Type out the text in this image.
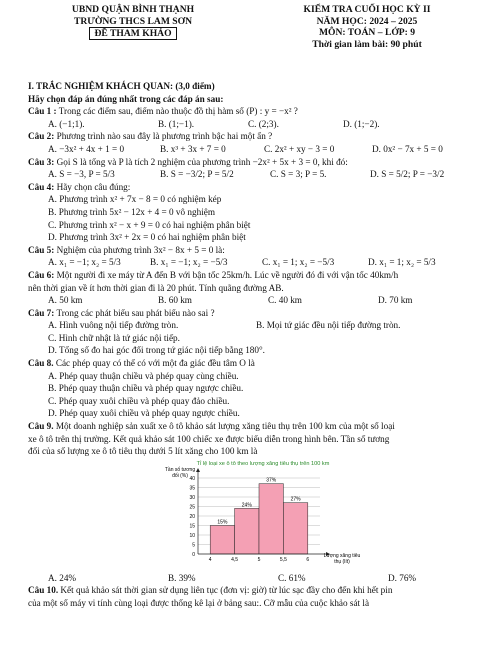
UBND QUẬN BÌNH THẠNH
TRƯỜNG THCS LAM SƠN
ĐỀ THAM KHẢO
KIỂM TRA CUỐI HỌC KỲ II
NĂM HỌC: 2024 – 2025
MÔN: TOÁN – LỚP: 9
Thời gian làm bài: 90 phút
I. TRẮC NGHIỆM KHÁCH QUAN: (3,0 điểm)
Hãy chọn đáp án đúng nhất trong các đáp án sau:
Câu 1 : Trong các điểm sau, điểm nào thuộc đồ thị hàm số (P) : y = −x² ?
A. (−1;1).	B. (1;−1).	C. (2;3).	D. (1;−2).
Câu 2: Phương trình nào sau đây là phương trình bậc hai một ẩn ?
A. −3x² + 4x + 1 = 0	B. x³ + 3x + 7 = 0	C. 2x² + xy − 3 = 0	D. 0x² − 7x + 5 = 0
Câu 3: Gọi S là tổng và P là tích 2 nghiệm của phương trình −2x² + 5x + 3 = 0, khi đó:
A. S = −3, P = 5/3	B. S = −3/2; P = 5/2	C. S = 3; P = 5.	D. S = 5/2; P = −3/2
Câu 4: Hãy chọn câu đúng:
A. Phương trình x² + 7x − 8 = 0 có nghiệm kép
B. Phương trình 5x² − 12x + 4 = 0 vô nghiệm
C. Phương trình x² − x + 9 = 0 có hai nghiệm phân biệt
D. Phương trình 3x² + 2x = 0 có hai nghiệm phân biệt
Câu 5: Nghiệm của phương trình 3x² − 8x + 5 = 0 là:
A. x₁ = −1; x₂ = 5/3	B. x₁ = −1; x₂ = −5/3	C. x₁ = 1; x₂ = −5/3	D. x₁ = 1; x₂ = 5/3
Câu 6: Một người đi xe máy từ A đến B với bận tốc 25km/h. Lúc về người đó đi với vận tốc 40km/h
nên thời gian về ít hơn thời gian đi là 20 phút. Tính quãng đường AB.
A. 50 km	B. 60 km	C. 40 km	D. 70 km
Câu 7: Trong các phát biểu sau phát biểu nào sai ?
A. Hình vuông nội tiếp đường tròn.	B. Mọi tứ giác đều nội tiếp đường tròn.
C. Hình chữ nhật là tứ giác nội tiếp.
D. Tổng số đo hai góc đối trong tứ giác nội tiếp bằng 180°.
Câu 8. Các phép quay có thể có với một đa giác đều tâm O là
A. Phép quay thuận chiều và phép quay cùng chiều.
B. Phép quay thuận chiều và phép quay ngược chiều.
C. Phép quay xuôi chiều và phép quay đảo chiều.
D. Phép quay xuôi chiều và phép quay ngược chiều.
Câu 9. Một doanh nghiệp sản xuất xe ô tô khảo sát lượng xăng tiêu thụ trên 100 km của một số loại
xe ô tô trên thị trường. Kết quả khảo sát 100 chiếc xe được biểu diễn trong hình bên. Tần số tương
đối của số lượng xe ô tô tiêu thụ dưới 5 lít xăng cho 100 km là
Tỉ lệ loại xe ô tô theo lượng xăng tiêu thụ trên 100 km
Tần số tương
đối (%)
0
5
10
15
20
25
30
35
40
15%
24%
37%
27%
4	4,5	5	5,5	6
Lượng xăng tiêu
thụ (lít)
A. 24%	B. 39%	C. 61%	D. 76%
Câu 10. Kết quả khảo sát thời gian sử dụng liên tục (đơn vị: giờ) từ lúc sạc đầy cho đến khi hết pin
của một số máy vi tính cùng loại được thống kê lại ở bảng sau:. Cỡ mẫu của cuộc khảo sát là
